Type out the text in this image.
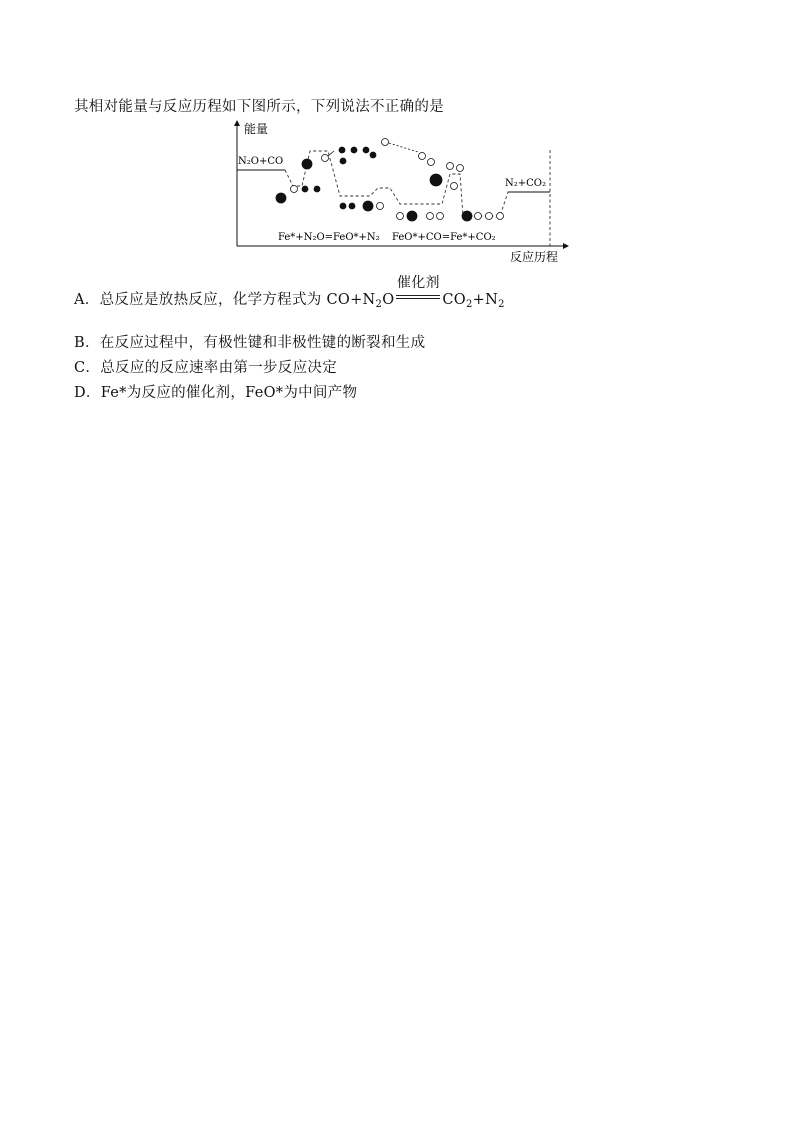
其相对能量与反应历程如下图所示，下列说法不正确的是
能量
反应历程
N₂O+CO
N₂+CO₂
Fe*+N₂O=FeO*+N₂ FeO*+CO=Fe*+CO₂
A．总反应是放热反应，化学方程式为 $CO+N_2O$
催化剂
$CO_2+N_2$
B．在反应过程中，有极性键和非极性键的断裂和生成
C．总反应的反应速率由第一步反应决定
D．Fe*为反应的催化剂，FeO*为中间产物
